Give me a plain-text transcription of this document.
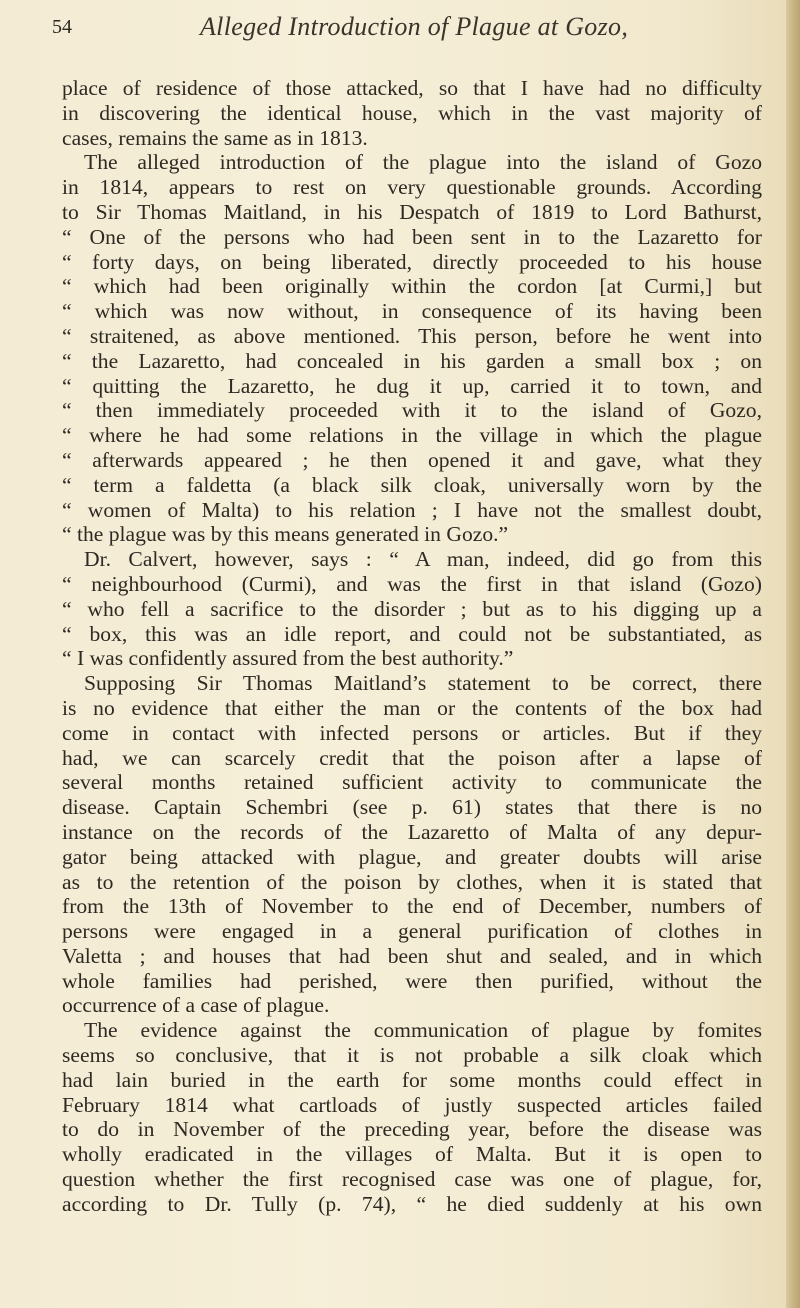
54	Alleged Introduction of Plague at Gozo,
place of residence of those attacked, so that I have had no difficulty
in discovering the identical house, which in the vast majority of
cases, remains the same as in 1813.
The alleged introduction of the plague into the island of Gozo
in 1814, appears to rest on very questionable grounds. According
to Sir Thomas Maitland, in his Despatch of 1819 to Lord Bathurst,
“ One of the persons who had been sent in to the Lazaretto for
“ forty days, on being liberated, directly proceeded to his house
“ which had been originally within the cordon [at Curmi,] but
“ which was now without, in consequence of its having been
“ straitened, as above mentioned. This person, before he went into
“ the Lazaretto, had concealed in his garden a small box ; on
“ quitting the Lazaretto, he dug it up, carried it to town, and
“ then immediately proceeded with it to the island of Gozo,
“ where he had some relations in the village in which the plague
“ afterwards appeared ; he then opened it and gave, what they
“ term a faldetta (a black silk cloak, universally worn by the
“ women of Malta) to his relation ; I have not the smallest doubt,
“ the plague was by this means generated in Gozo.”
Dr. Calvert, however, says : “ A man, indeed, did go from this
“ neighbourhood (Curmi), and was the first in that island (Gozo)
“ who fell a sacrifice to the disorder ; but as to his digging up a
“ box, this was an idle report, and could not be substantiated, as
“ I was confidently assured from the best authority.”
Supposing Sir Thomas Maitland’s statement to be correct, there
is no evidence that either the man or the contents of the box had
come in contact with infected persons or articles. But if they
had, we can scarcely credit that the poison after a lapse of
several months retained sufficient activity to communicate the
disease. Captain Schembri (see p. 61) states that there is no
instance on the records of the Lazaretto of Malta of any depur-
gator being attacked with plague, and greater doubts will arise
as to the retention of the poison by clothes, when it is stated that
from the 13th of November to the end of December, numbers of
persons were engaged in a general purification of clothes in
Valetta ; and houses that had been shut and sealed, and in which
whole families had perished, were then purified, without the
occurrence of a case of plague.
The evidence against the communication of plague by fomites
seems so conclusive, that it is not probable a silk cloak which
had lain buried in the earth for some months could effect in
February 1814 what cartloads of justly suspected articles failed
to do in November of the preceding year, before the disease was
wholly eradicated in the villages of Malta. But it is open to
question whether the first recognised case was one of plague, for,
according to Dr. Tully (p. 74), “ he died suddenly at his own
